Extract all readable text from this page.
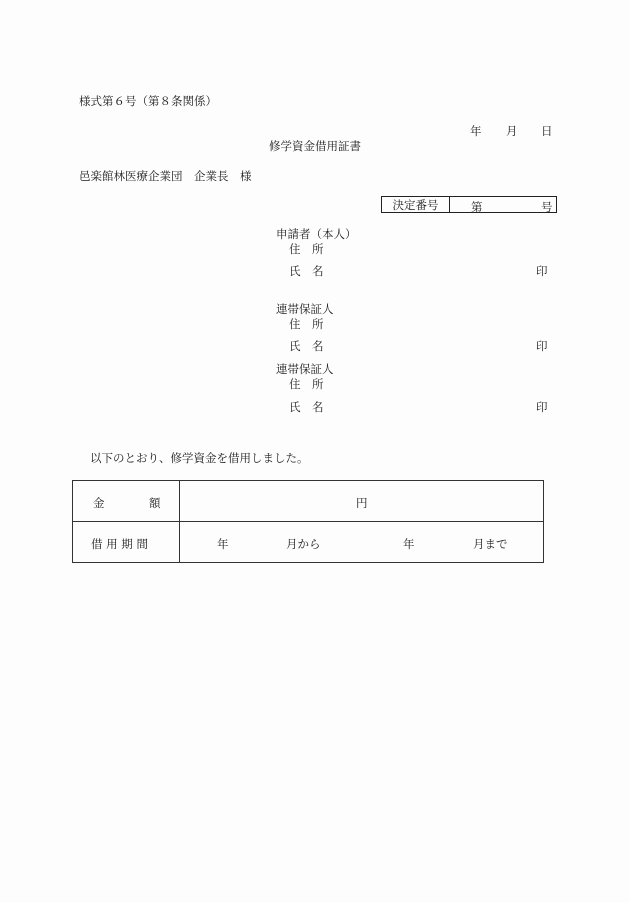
様式第６号（第８条関係）
年 月 日
修学資金借用証書
邑楽館林医療企業団　企業長　様
決定番号	第	号
申請者（本人）
住　所
氏　名	印
連帯保証人
住　所
氏　名	印
連帯保証人
住　所
氏　名	印
以下のとおり、修学資金を借用しました。
金 額	円

借 用 期 間	年 月から 年 月まで
